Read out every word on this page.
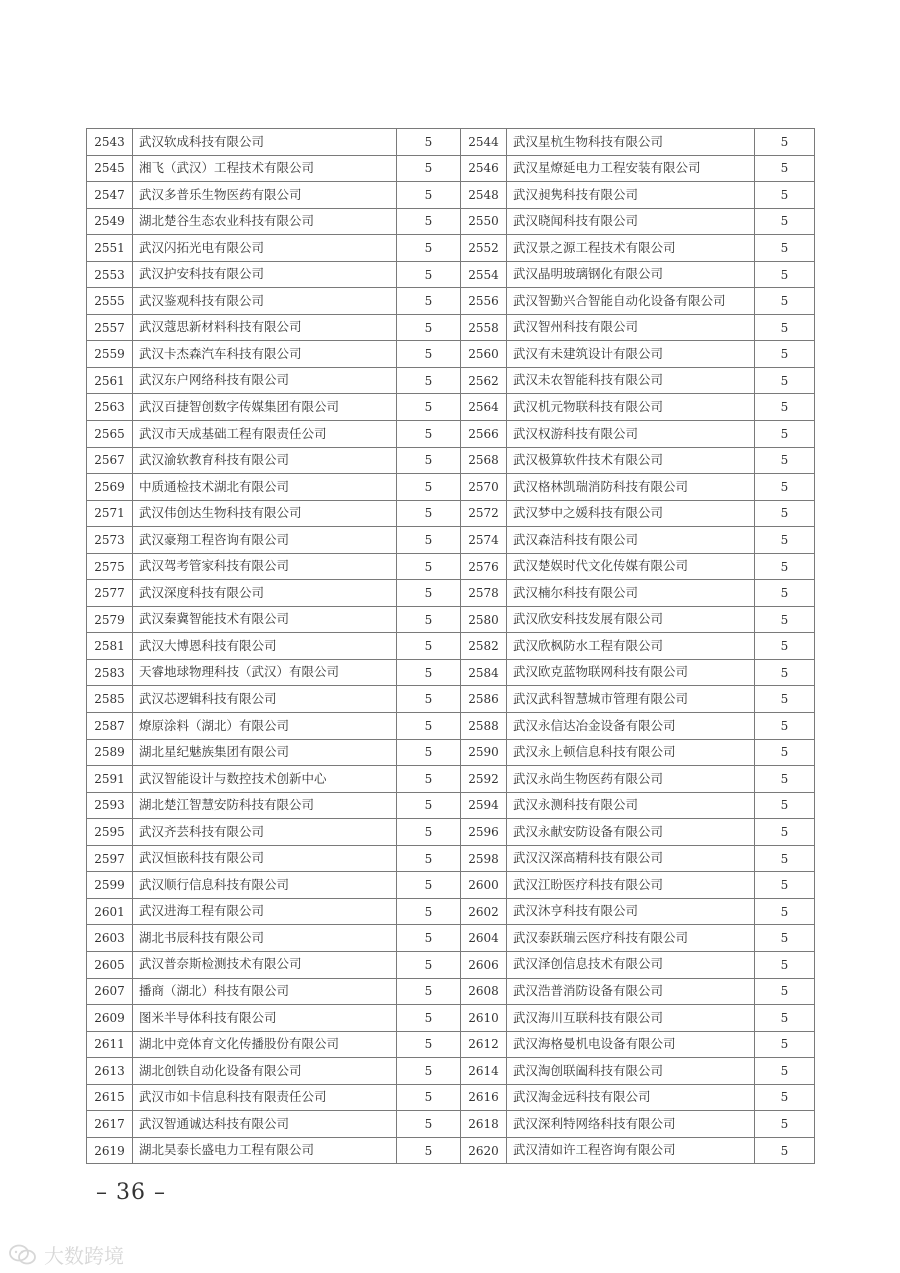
2543	武汉软成科技有限公司	5	2544	武汉星杭生物科技有限公司	5
2545	湘飞（武汉）工程技术有限公司	5	2546	武汉星燎延电力工程安装有限公司	5
2547	武汉多普乐生物医药有限公司	5	2548	武汉昶隽科技有限公司	5
2549	湖北楚谷生态农业科技有限公司	5	2550	武汉晓闻科技有限公司	5
2551	武汉闪拓光电有限公司	5	2552	武汉景之源工程技术有限公司	5
2553	武汉护安科技有限公司	5	2554	武汉晶明玻璃钢化有限公司	5
2555	武汉鉴观科技有限公司	5	2556	武汉智勤兴合智能自动化设备有限公司	5
2557	武汉蔻思新材料科技有限公司	5	2558	武汉智州科技有限公司	5
2559	武汉卡杰森汽车科技有限公司	5	2560	武汉有未建筑设计有限公司	5
2561	武汉东户网络科技有限公司	5	2562	武汉未农智能科技有限公司	5
2563	武汉百捷智创数字传媒集团有限公司	5	2564	武汉机元物联科技有限公司	5
2565	武汉市天成基础工程有限责任公司	5	2566	武汉权游科技有限公司	5
2567	武汉渝软教育科技有限公司	5	2568	武汉极算软件技术有限公司	5
2569	中质通检技术湖北有限公司	5	2570	武汉格林凯瑞消防科技有限公司	5
2571	武汉伟创达生物科技有限公司	5	2572	武汉梦中之媛科技有限公司	5
2573	武汉豪翔工程咨询有限公司	5	2574	武汉森洁科技有限公司	5
2575	武汉驾考管家科技有限公司	5	2576	武汉楚娱时代文化传媒有限公司	5
2577	武汉深度科技有限公司	5	2578	武汉楠尔科技有限公司	5
2579	武汉秦冀智能技术有限公司	5	2580	武汉欣安科技发展有限公司	5
2581	武汉大博恩科技有限公司	5	2582	武汉欣枫防水工程有限公司	5
2583	天睿地球物理科技（武汉）有限公司	5	2584	武汉欧克蓝物联网科技有限公司	5
2585	武汉芯逻辑科技有限公司	5	2586	武汉武科智慧城市管理有限公司	5
2587	燎原涂料（湖北）有限公司	5	2588	武汉永信达冶金设备有限公司	5
2589	湖北星纪魅族集团有限公司	5	2590	武汉永上顿信息科技有限公司	5
2591	武汉智能设计与数控技术创新中心	5	2592	武汉永尚生物医药有限公司	5
2593	湖北楚江智慧安防科技有限公司	5	2594	武汉永测科技有限公司	5
2595	武汉齐芸科技有限公司	5	2596	武汉永献安防设备有限公司	5
2597	武汉恒嵌科技有限公司	5	2598	武汉汉深高精科技有限公司	5
2599	武汉顺行信息科技有限公司	5	2600	武汉江盼医疗科技有限公司	5
2601	武汉进海工程有限公司	5	2602	武汉沐亨科技有限公司	5
2603	湖北书辰科技有限公司	5	2604	武汉泰跃瑞云医疗科技有限公司	5
2605	武汉普奈斯检测技术有限公司	5	2606	武汉泽创信息技术有限公司	5
2607	播商（湖北）科技有限公司	5	2608	武汉浩普消防设备有限公司	5
2609	图米半导体科技有限公司	5	2610	武汉海川互联科技有限公司	5
2611	湖北中竞体育文化传播股份有限公司	5	2612	武汉海格曼机电设备有限公司	5
2613	湖北创铁自动化设备有限公司	5	2614	武汉淘创联阖科技有限公司	5
2615	武汉市如卡信息科技有限责任公司	5	2616	武汉淘金远科技有限公司	5
2617	武汉智通诚达科技有限公司	5	2618	武汉深利特网络科技有限公司	5
2619	湖北昊泰长盛电力工程有限公司	5	2620	武汉清如许工程咨询有限公司	5
– 36 –
大数跨境
